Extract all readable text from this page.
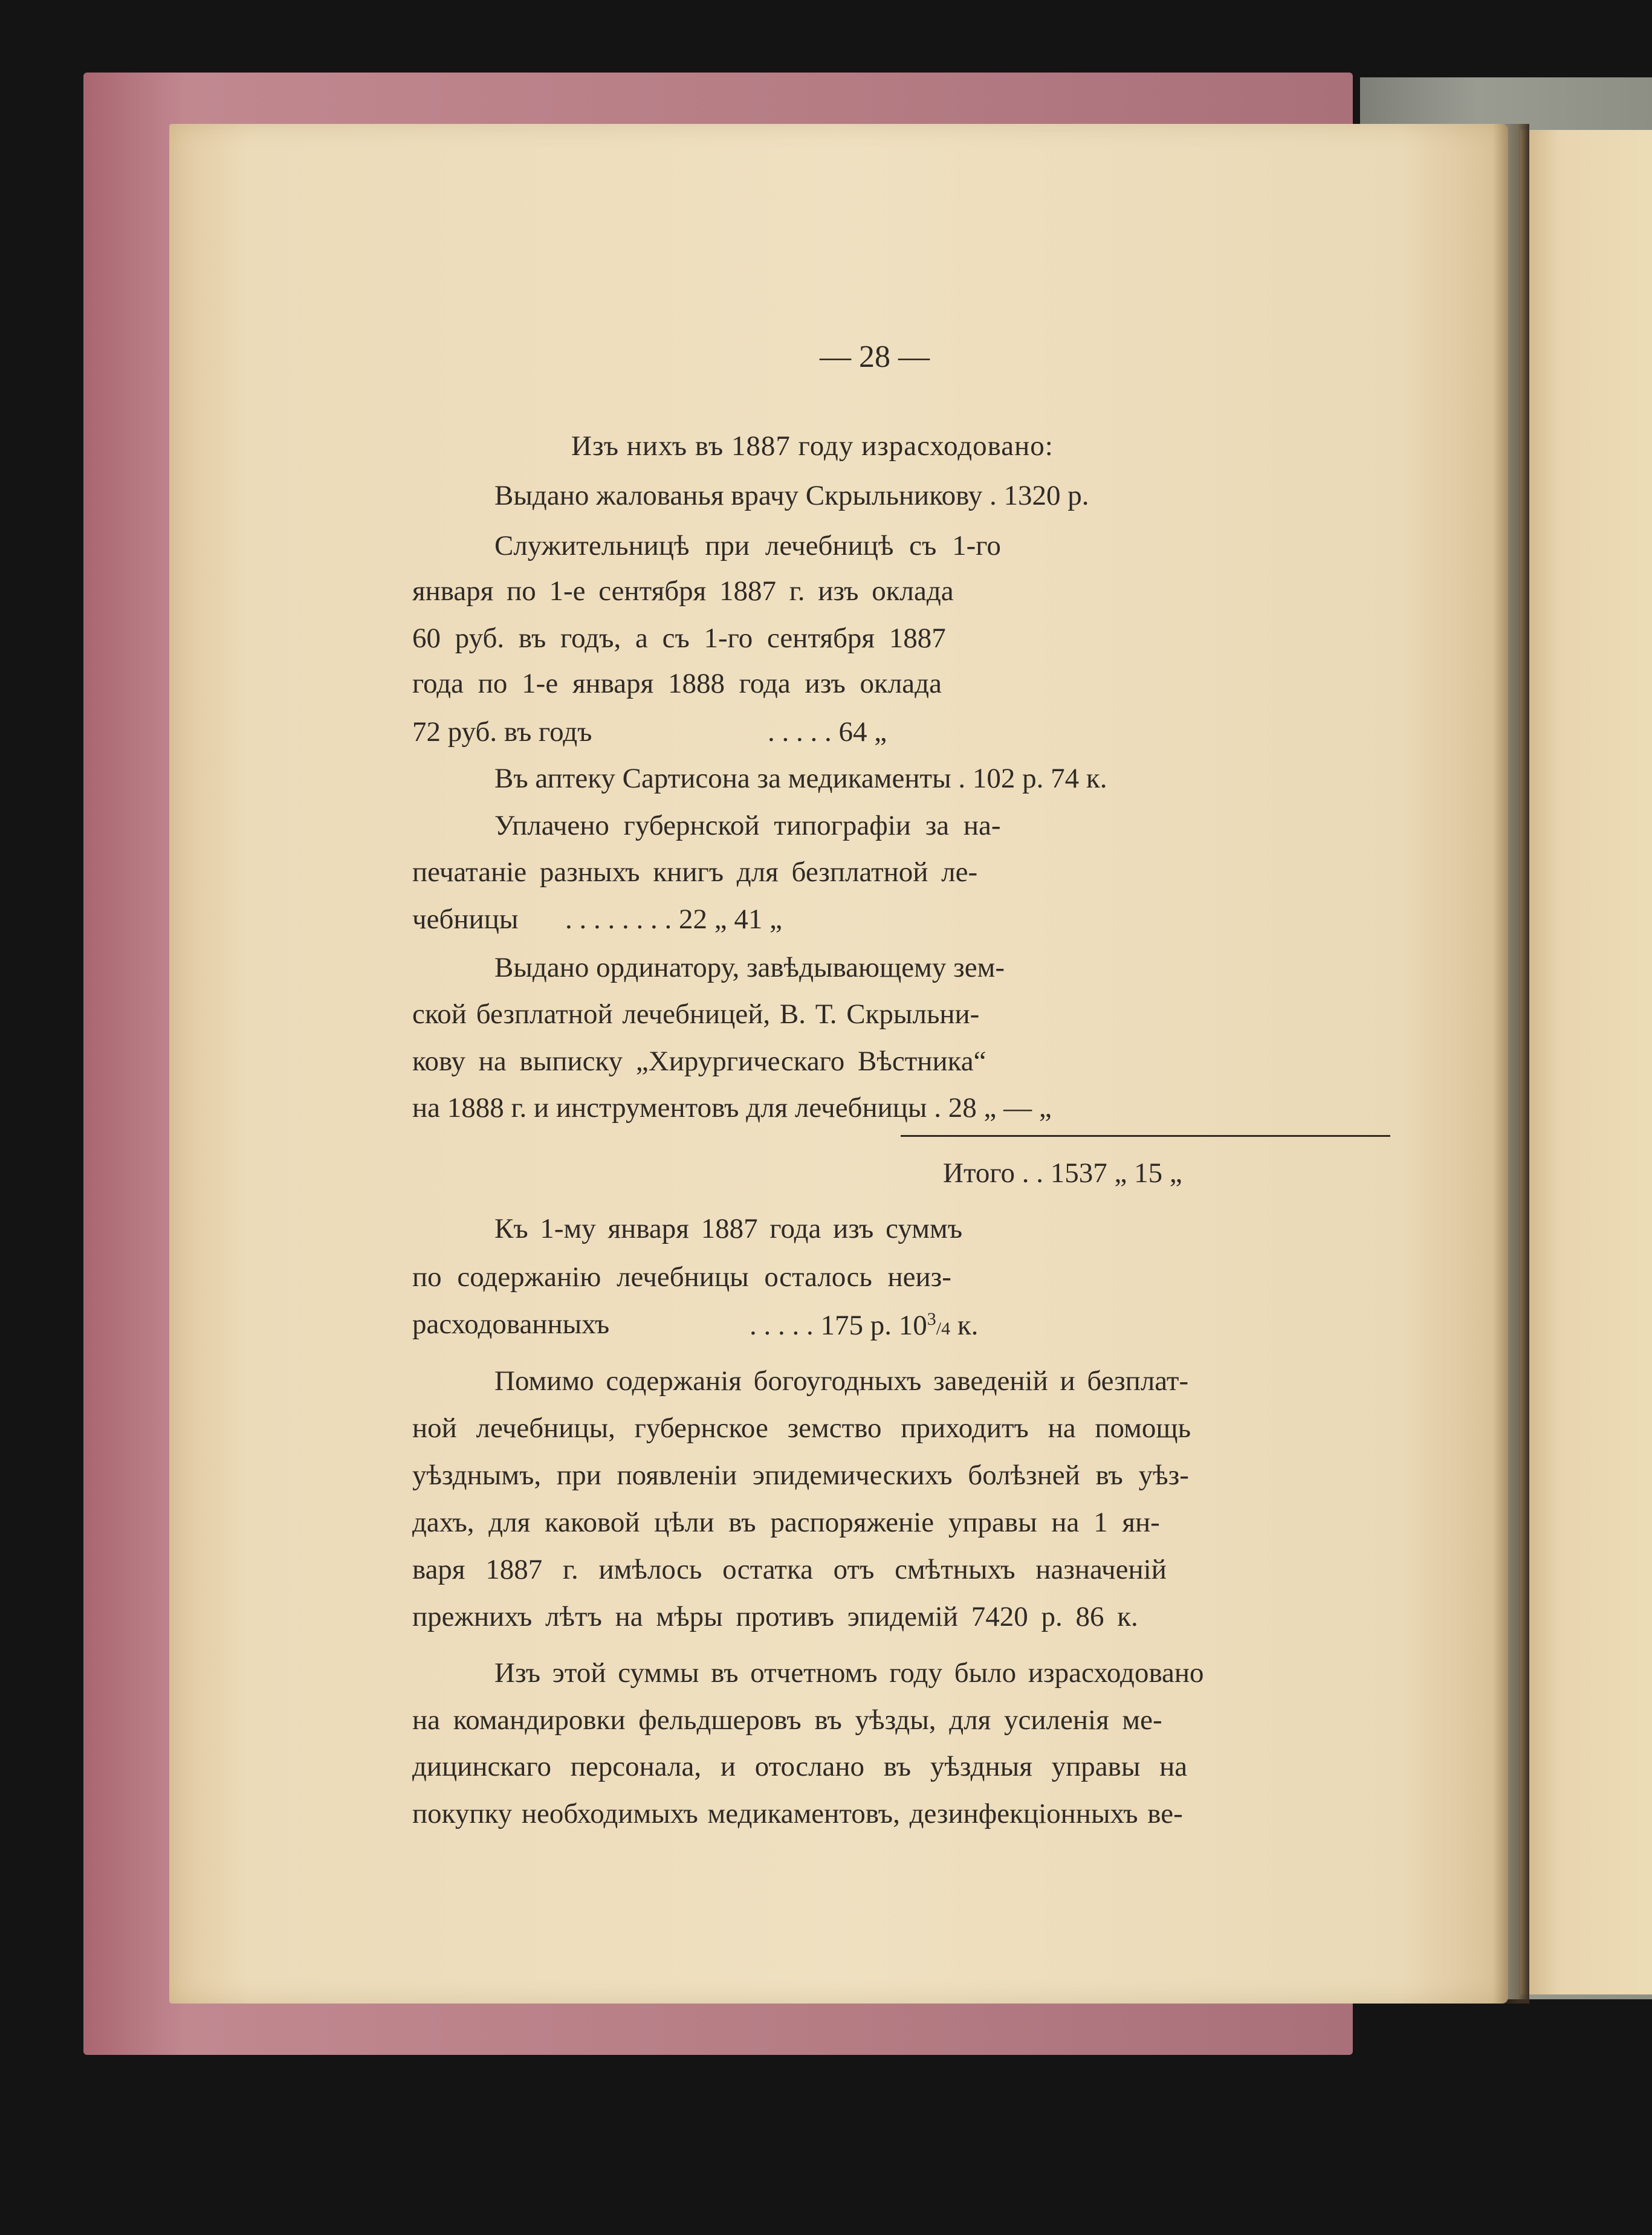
— 28 —
Изъ нихъ въ 1887 году израсходовано:
Выдано жалованья врачу Скрыльникову . 1320 р.
Служительницѣ при лечебницѣ съ 1-го
января по 1-е сентября 1887 г. изъ оклада
60 руб. въ годъ, а съ 1-го сентября 1887
года по 1-е января 1888 года изъ оклада
72 руб. въ годъ	. . . . . 64 „
Въ аптеку Сартисона за медикаменты . 102 р. 74 к.
Уплачено губернской типографіи за на-
печатаніе разныхъ книгъ для безплатной ле-
чебницы . . . . . . . . 22 „ 41 „
Выдано ординатору, завѣдывающему зем-
ской безплатной лечебницей, В. Т. Скрыльни-
кову на выписку „Хирургическаго Вѣстника“
на 1888 г. и инструментовъ для лечебницы . 28 „ — „
Итого . . 1537 „ 15 „
Къ 1-му января 1887 года изъ суммъ
по содержанію лечебницы осталось неиз-
расходованныхъ	. . . . . 175 р. $10^3/4$ к.
Помимо содержанія богоугодныхъ заведеній и безплат-
ной лечебницы, губернское земство приходитъ на помощь
уѣзднымъ, при появленіи эпидемическихъ болѣзней въ уѣз-
дахъ, для каковой цѣли въ распоряженіе управы на 1 ян-
варя 1887 г. имѣлось остатка отъ смѣтныхъ назначеній
прежнихъ лѣтъ на мѣры противъ эпидемій 7420 р. 86 к.
Изъ этой суммы въ отчетномъ году было израсходовано
на командировки фельдшеровъ въ уѣзды, для усиленія ме-
дицинскаго персонала, и отослано въ уѣздныя управы на
покупку необходимыхъ медикаментовъ, дезинфекціонныхъ ве-
